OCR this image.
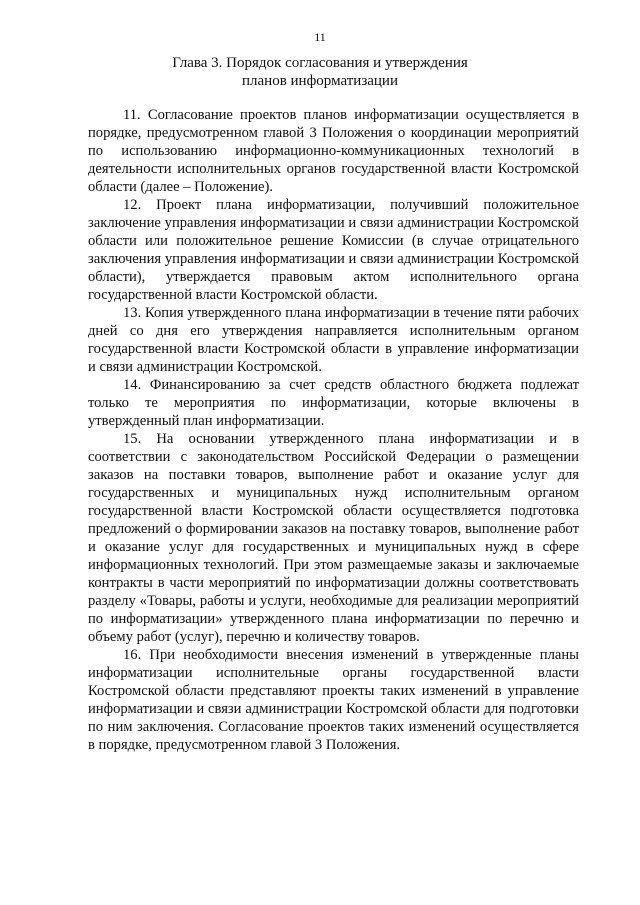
11
Глава 3. Порядок согласования и утверждения планов информатизации

11. Согласование проектов планов информатизации осуществляется в порядке, предусмотренном главой 3 Положения о координации мероприятий по использованию информационно-коммуникационных технологий в деятельности исполнительных органов государственной власти Костромской области (далее – Положение).

12. Проект плана информатизации, получивший положительное заключение управления информатизации и связи администрации Костромской области или положительное решение Комиссии (в случае отрицательного заключения управления информатизации и связи администрации Костромской области), утверждается правовым актом исполнительного органа государственной власти Костромской области.

13. Копия утвержденного плана информатизации в течение пяти рабочих дней со дня его утверждения направляется исполнительным органом государственной власти Костромской области в управление информатизации и связи администрации Костромской.

14. Финансированию за счет средств областного бюджета подлежат только те мероприятия по информатизации, которые включены в утвержденный план информатизации.

15. На основании утвержденного плана информатизации и в соответствии с законодательством Российской Федерации о размещении заказов на поставки товаров, выполнение работ и оказание услуг для государственных и муниципальных нужд исполнительным органом государственной власти Костромской области осуществляется подготовка предложений о формировании заказов на поставку товаров, выполнение работ и оказание услуг для государственных и муниципальных нужд в сфере информационных технологий. При этом размещаемые заказы и заключаемые контракты в части мероприятий по информатизации должны соответствовать разделу «Товары, работы и услуги, необходимые для реализации мероприятий по информатизации» утвержденного плана информатизации по перечню и объему работ (услуг), перечню и количеству товаров.

16. При необходимости внесения изменений в утвержденные планы информатизации исполнительные органы государственной власти Костромской области представляют проекты таких изменений в управление информатизации и связи администрации Костромской области для подготовки по ним заключения. Согласование проектов таких изменений осуществляется в порядке, предусмотренном главой 3 Положения.
